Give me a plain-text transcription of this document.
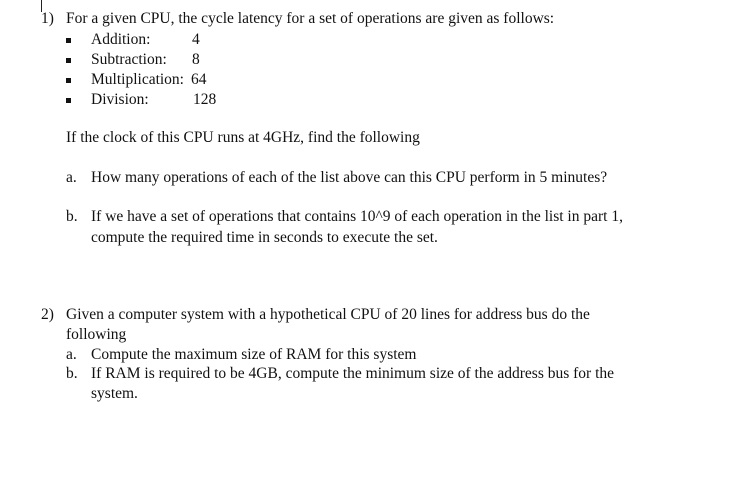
1) For a given CPU, the cycle latency for a set of operations are given as follows:
Addition:	4
Subtraction: 8
Multiplication: 64
Division:	128
If the clock of this CPU runs at 4GHz, find the following
a. How many operations of each of the list above can this CPU perform in 5 minutes?
b. If we have a set of operations that contains 10^9 of each operation in the list in part 1,
compute the required time in seconds to execute the set.
2) Given a computer system with a hypothetical CPU of 20 lines for address bus do the
following
a. Compute the maximum size of RAM for this system
b. If RAM is required to be 4GB, compute the minimum size of the address bus for the
system.
